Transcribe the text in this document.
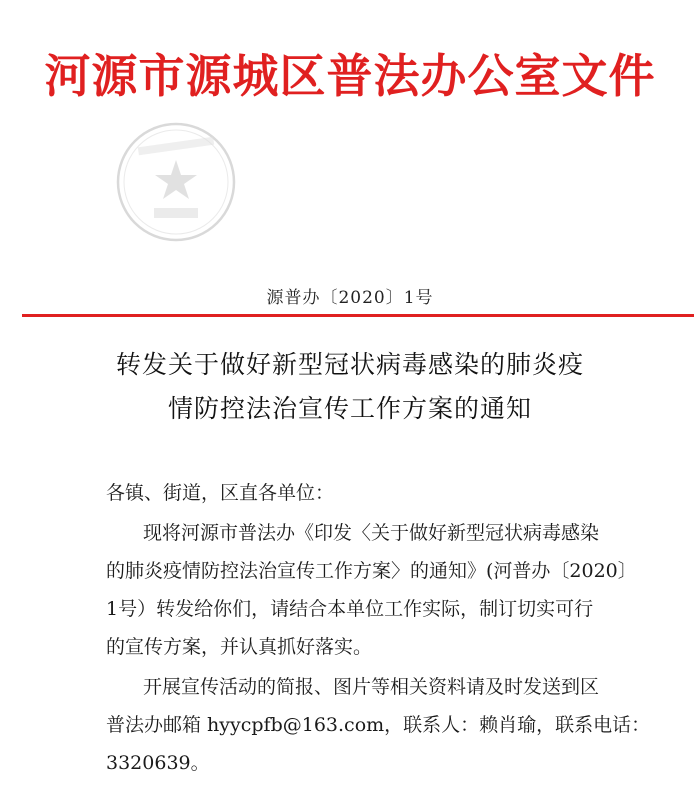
河源市源城区普法办公室文件
源普办〔2020〕1号
转发关于做好新型冠状病毒感染的肺炎疫
情防控法治宣传工作方案的通知
各镇、街道，区直各单位：
现将河源市普法办《印发〈关于做好新型冠状病毒感染
的肺炎疫情防控法治宣传工作方案〉的通知》(河普办〔2020〕
1号）转发给你们，请结合本单位工作实际，制订切实可行
的宣传方案，并认真抓好落实。
开展宣传活动的简报、图片等相关资料请及时发送到区
普法办邮箱 hyycpfb@163.com，联系人：赖肖瑜，联系电话：
3320639。
